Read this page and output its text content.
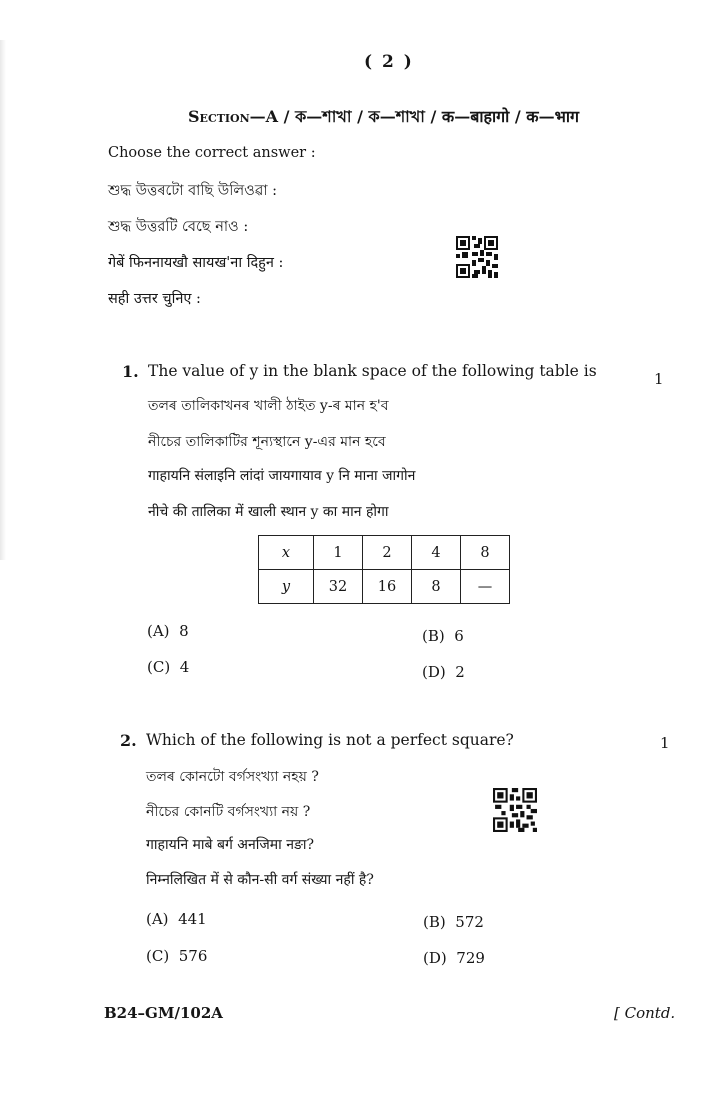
( 2 )
Section—A / ক—শাখা / ক—শাখা / क—बाहागो / क—भाग
Choose the correct answer :
শুদ্ধ উত্তৰটো বাছি উলিওৱা :
শুদ্ধ উত্তরটি বেছে নাও :
गेबें फिननायखौ सायख'ना दिहुन :
सही उत्तर चुनिए :
1. The value of y in the blank space of the following table is	1
তলৰ তালিকাখনৰ খালী ঠাইত y-ৰ মান হ'ব
নীচের তালিকাটির শূন্যস্থানে y-এর মান হবে
गाहायनि संलाइनि लांदां जायगायाव y नि माना जागोन
नीचे की तालिका में खाली स्थान y का मान होगा
x	1	2	4	8
y	32	16	8	—
(A) 8	(B) 6
(C) 4	(D) 2
2. Which of the following is not a perfect square?	1
তলৰ কোনটো বৰ্গসংখ্যা নহয় ?
নীচের কোনটি বর্গসংখ্যা নয় ?
गाहायनि माबे बर्ग अनजिमा नङा?
निम्नलिखित में से कौन-सी वर्ग संख्या नहीं है?
(A) 441	(B) 572
(C) 576	(D) 729
B24–GM/102A	[ Contd.
